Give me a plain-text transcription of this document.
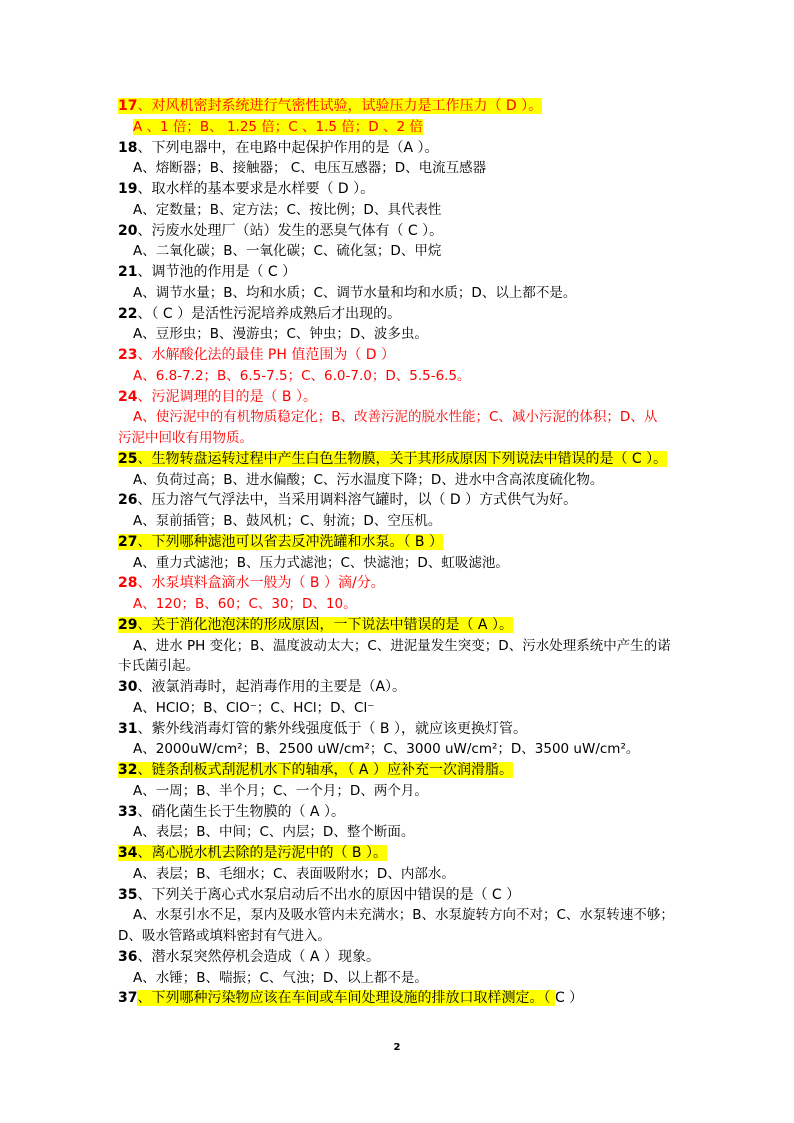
17、对风机密封系统进行气密性试验，试验压力是工作压力（ D ）。
A 、1 倍；B、 1.25 倍；C 、1.5 倍；D 、2 倍
18、下列电器中，在电路中起保护作用的是（A ）。
A、熔断器；B、接触器； C、电压互感器；D、电流互感器
19、取水样的基本要求是水样要（ D ）。
A、定数量；B、定方法；C、按比例；D、具代表性
20、污废水处理厂（站）发生的恶臭气体有（ C ）。
A、二氧化碳；B、一氧化碳；C、硫化氢；D、甲烷
21、调节池的作用是（ C ）
A、调节水量；B、均和水质；C、调节水量和均和水质；D、以上都不是。
22、（ C ）是活性污泥培养成熟后才出现的。
A、豆形虫；B、漫游虫；C、钟虫；D、波多虫。
23、水解酸化法的最佳 PH 值范围为（ D ）
A、6.8-7.2；B、6.5-7.5；C、6.0-7.0；D、5.5-6.5。
24、污泥调理的目的是（ B ）。
A、使污泥中的有机物质稳定化；B、改善污泥的脱水性能；C、减小污泥的体积；D、从
污泥中回收有用物质。
25、生物转盘运转过程中产生白色生物膜，关于其形成原因下列说法中错误的是（ C ）。
A、负荷过高；B、进水偏酸；C、污水温度下降；D、进水中含高浓度硫化物。
26、压力溶气气浮法中，当采用调料溶气罐时，以（ D ）方式供气为好。
A、泵前插管；B、鼓风机；C、射流；D、空压机。
27、下列哪种滤池可以省去反冲洗罐和水泵。（ B ）
A、重力式滤池；B、压力式滤池；C、快滤池；D、虹吸滤池。
28、水泵填料盒滴水一般为（ B ）滴/分。
A、120；B、60；C、30；D、10。
29、关于消化池泡沫的形成原因，一下说法中错误的是（ A ）。
A、进水 PH 变化；B、温度波动太大；C、进泥量发生突变；D、污水处理系统中产生的诺
卡氏菌引起。
30、液氯消毒时，起消毒作用的主要是（A）。
A、HClO；B、ClO⁻；C、HCl；D、Cl⁻
31、紫外线消毒灯管的紫外线强度低于（ B ），就应该更换灯管。
A、2000uW/cm²；B、2500 uW/cm²；C、3000 uW/cm²；D、3500 uW/cm²。
32、链条刮板式刮泥机水下的轴承，（ A ）应补充一次润滑脂。
A、一周；B、半个月；C、一个月；D、两个月。
33、硝化菌生长于生物膜的（ A ）。
A、表层；B、中间；C、内层；D、整个断面。
34、离心脱水机去除的是污泥中的（ B ）。
A、表层；B、毛细水；C、表面吸附水；D、内部水。
35、下列关于离心式水泵启动后不出水的原因中错误的是（ C ）
A、水泵引水不足，泵内及吸水管内未充满水；B、水泵旋转方向不对；C、水泵转速不够；
D、吸水管路或填料密封有气进入。
36、潜水泵突然停机会造成（ A ）现象。
A、水锤；B、喘振；C、气浊；D、以上都不是。
37、下列哪种污染物应该在车间或车间处理设施的排放口取样测定。（ C ）
2
